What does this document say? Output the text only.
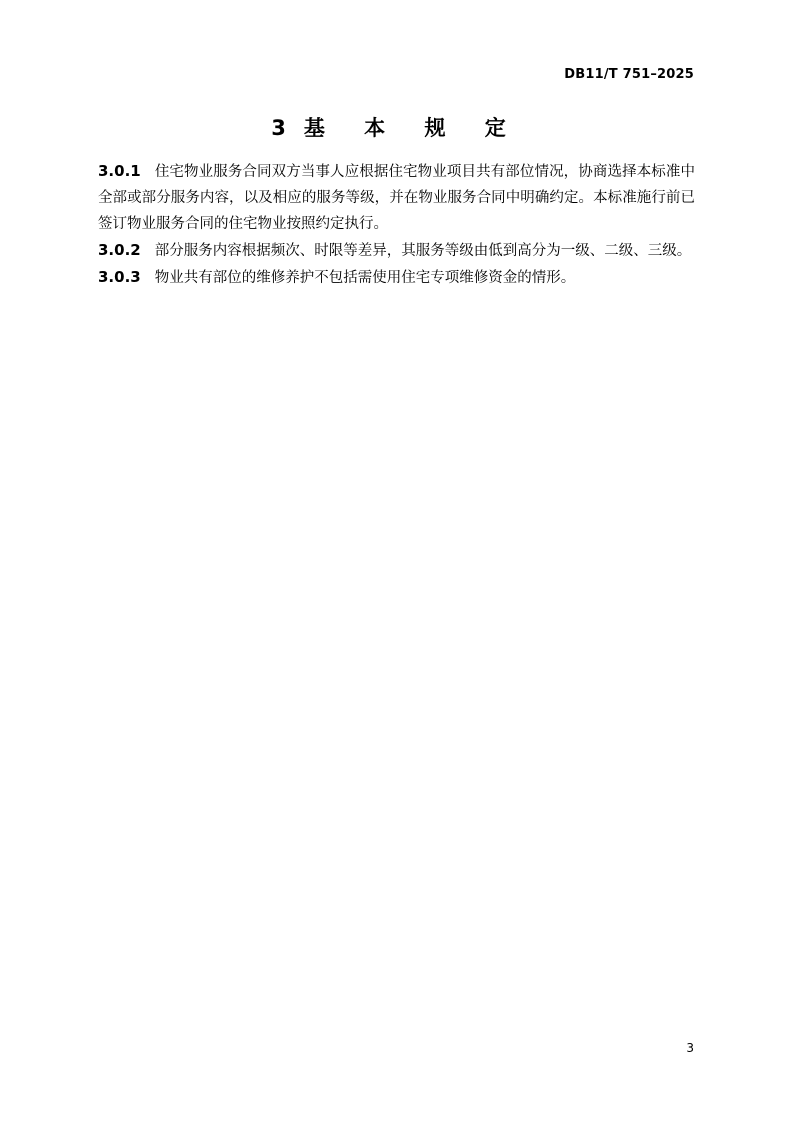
DB11/T 751–2025
3 基 本 规 定

3.0.1 住宅物业服务合同双方当事人应根据住宅物业项目共有部位情况，协商选择本标准中全部或部分服务内容，以及相应的服务等级，并在物业服务合同中明确约定。本标准施行前已签订物业服务合同的住宅物业按照约定执行。

3.0.2 部分服务内容根据频次、时限等差异，其服务等级由低到高分为一级、二级、三级。

3.0.3 物业共有部位的维修养护不包括需使用住宅专项维修资金的情形。

3
